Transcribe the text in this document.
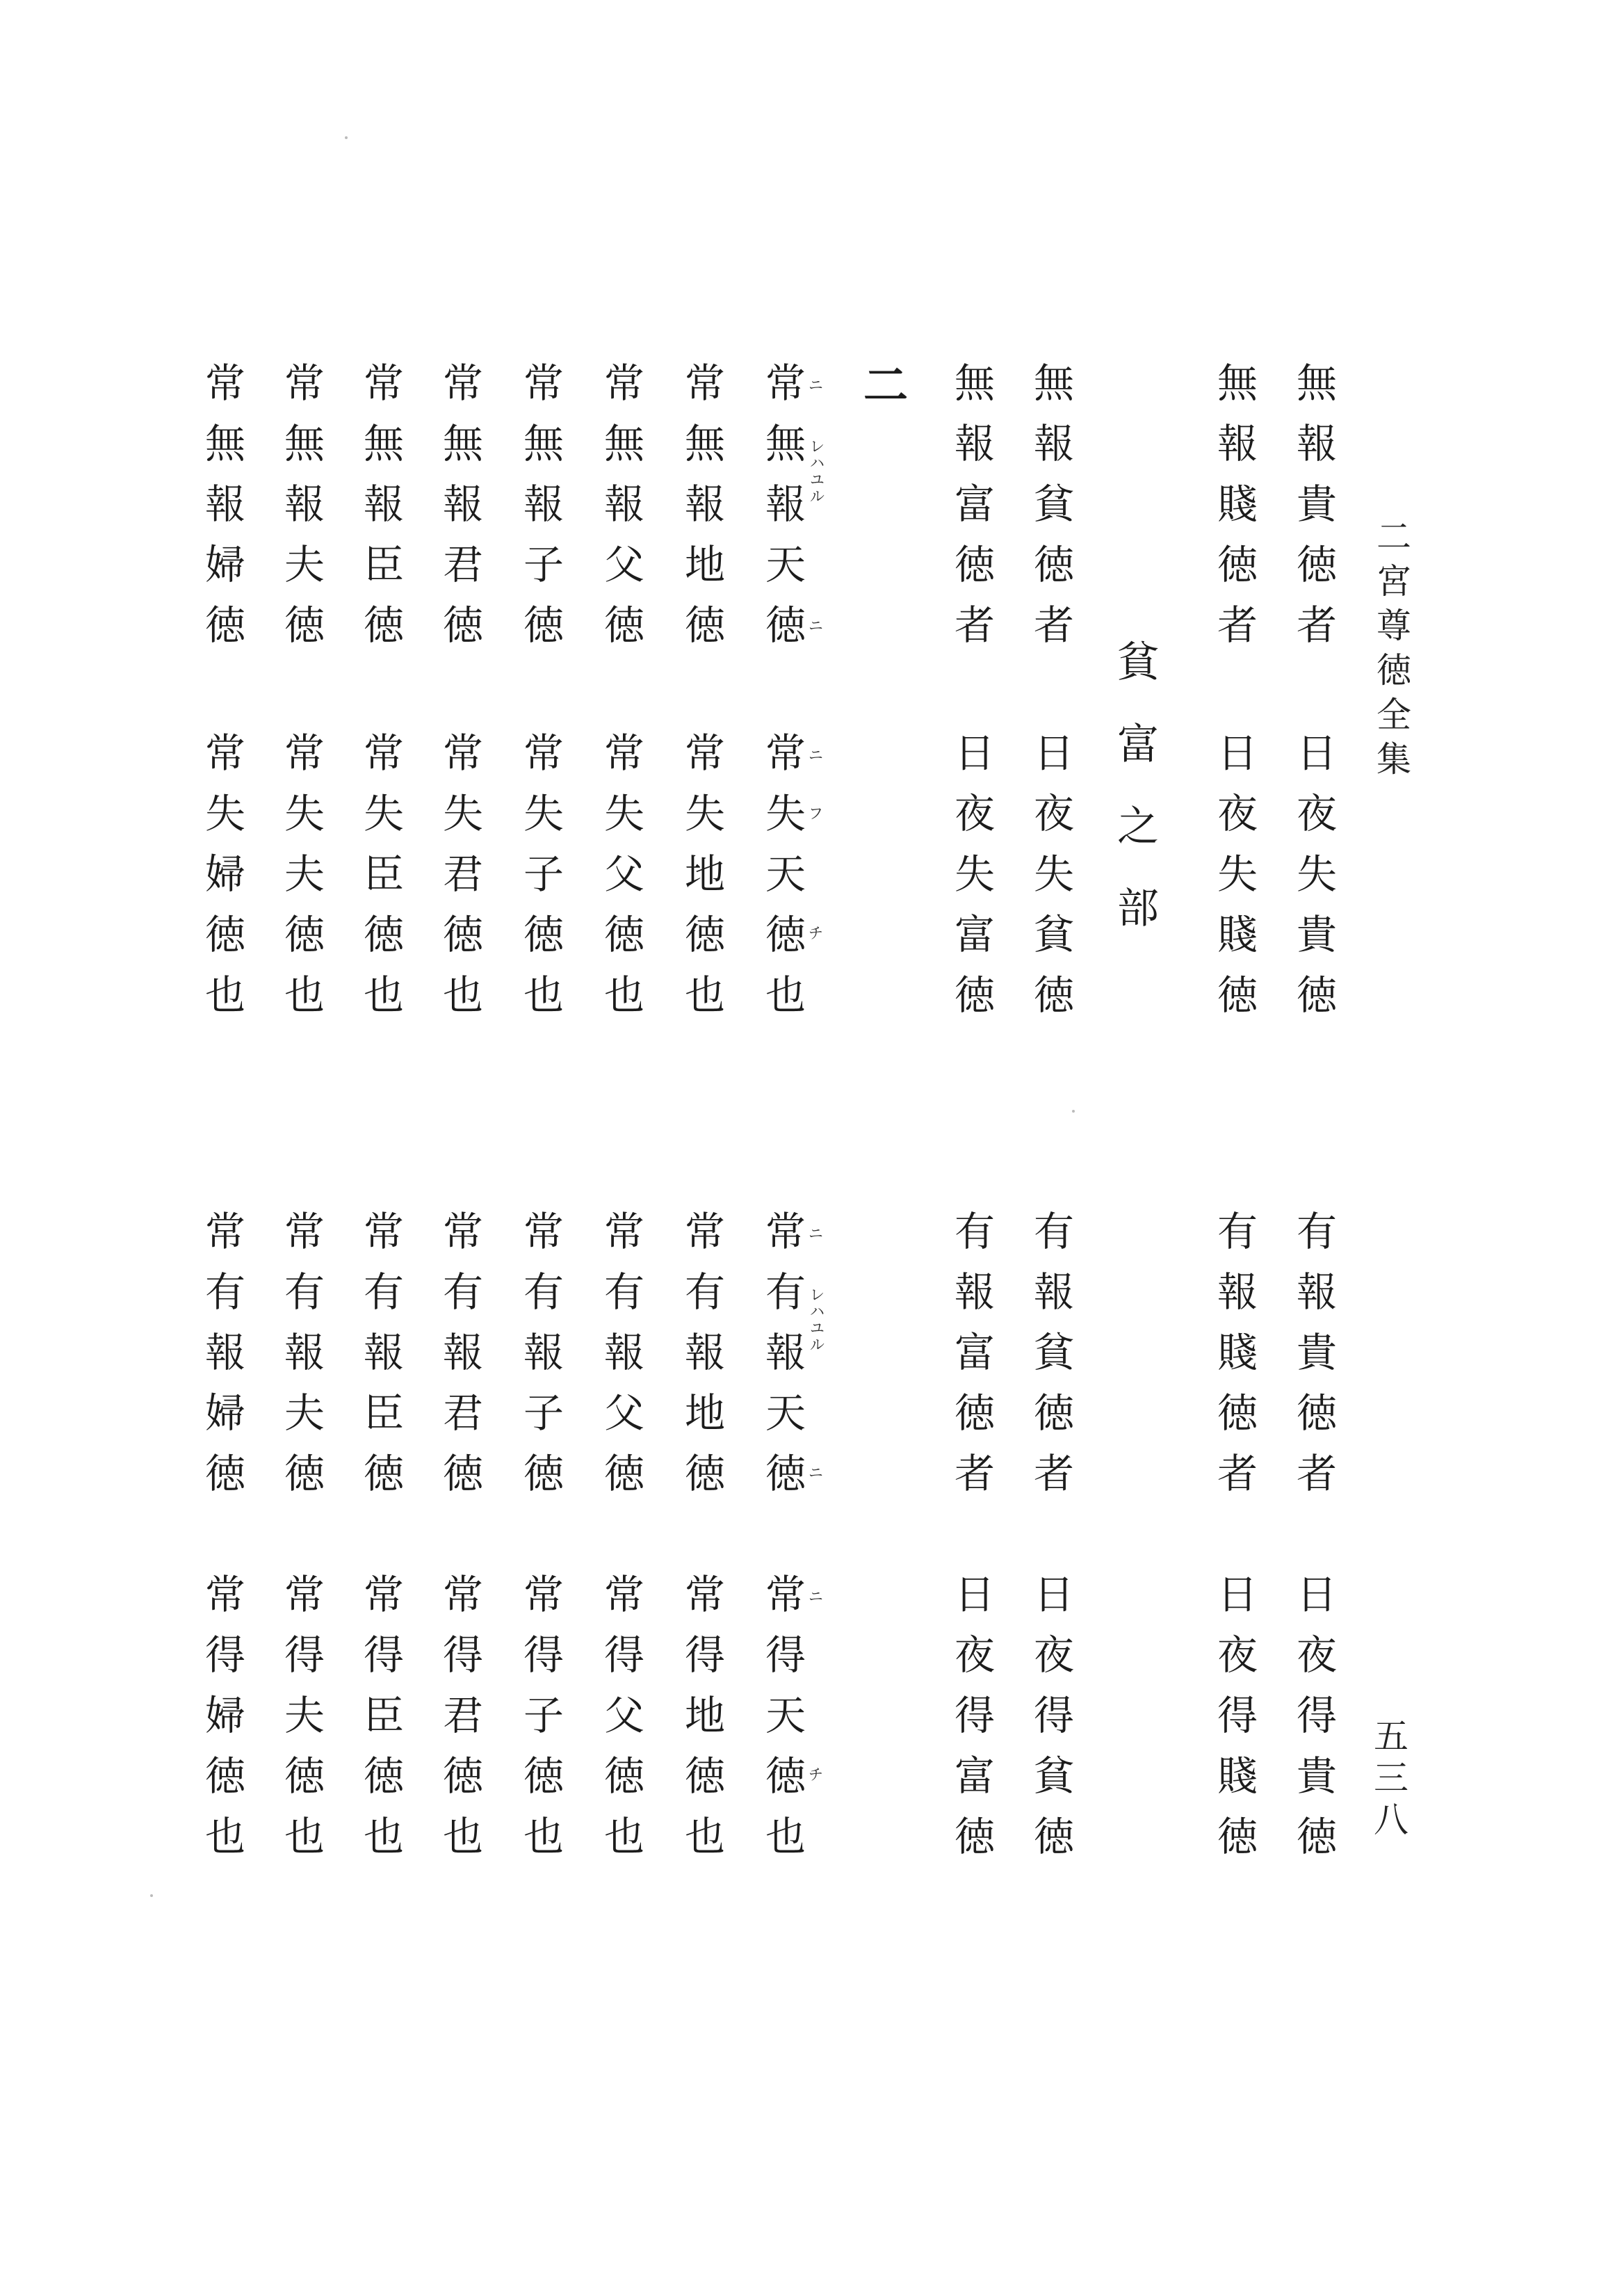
二宮尊徳全集
五三八
貧富之部
二	無報貴徳者
日夜失貴徳
無報賤徳者
日夜失賤徳
無報貧徳者
日夜失貧徳
無報富徳者
日夜失富徳
常無報天徳
常失天徳也
常無報地徳
常失地徳也
常無報父徳
常失父徳也
常無報子徳
常失子徳也
常無報君徳
常失君徳也
常無報臣徳
常失臣徳也
常無報夫徳
常失夫徳也
常無報婦徳
常失婦徳也
ニ
レハユル
ニ
ニ
フ
チ
有報貴徳者
日夜得貴徳
有報賤徳者
日夜得賤徳
有報貧徳者
日夜得貧徳
有報富徳者
日夜得富徳
常有報天徳
常得天徳也
常有報地徳
常得地徳也
常有報父徳
常得父徳也
常有報子徳
常得子徳也
常有報君徳
常得君徳也
常有報臣徳
常得臣徳也
常有報夫徳
常得夫徳也
常有報婦徳
常得婦徳也
ニ
レハユル
ニ
ニ
チ
